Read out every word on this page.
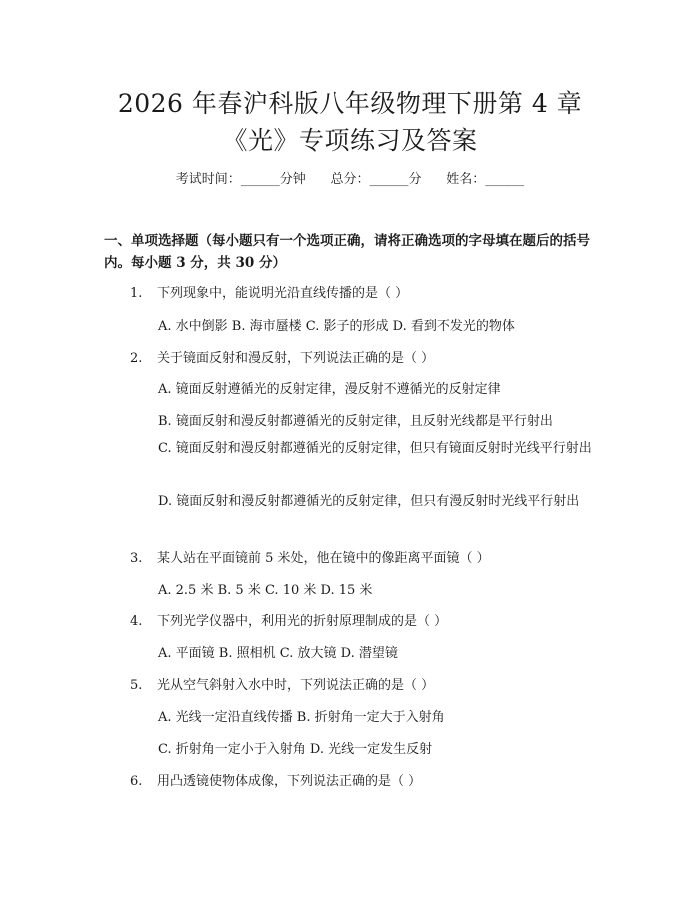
2026 年春沪科版八年级物理下册第 4 章
《光》专项练习及答案
考试时间：______分钟      总分：______分      姓名：______
一、单项选择题（每小题只有一个选项正确，请将正确选项的字母填在题后的括号内。每小题 3 分，共 30 分）
1. 下列现象中，能说明光沿直线传播的是（ ）
A. 水中倒影 B. 海市蜃楼 C. 影子的形成 D. 看到不发光的物体
2. 关于镜面反射和漫反射，下列说法正确的是（ ）
A. 镜面反射遵循光的反射定律，漫反射不遵循光的反射定律
B. 镜面反射和漫反射都遵循光的反射定律，且反射光线都是平行射出
C. 镜面反射和漫反射都遵循光的反射定律，但只有镜面反射时光线平行射出
D. 镜面反射和漫反射都遵循光的反射定律，但只有漫反射时光线平行射出
3. 某人站在平面镜前 5 米处，他在镜中的像距离平面镜（ ）
A. 2.5 米 B. 5 米 C. 10 米 D. 15 米
4. 下列光学仪器中，利用光的折射原理制成的是（ ）
A. 平面镜 B. 照相机 C. 放大镜 D. 潜望镜
5. 光从空气斜射入水中时，下列说法正确的是（ ）
A. 光线一定沿直线传播 B. 折射角一定大于入射角
C. 折射角一定小于入射角 D. 光线一定发生反射
6. 用凸透镜使物体成像，下列说法正确的是（ ）
